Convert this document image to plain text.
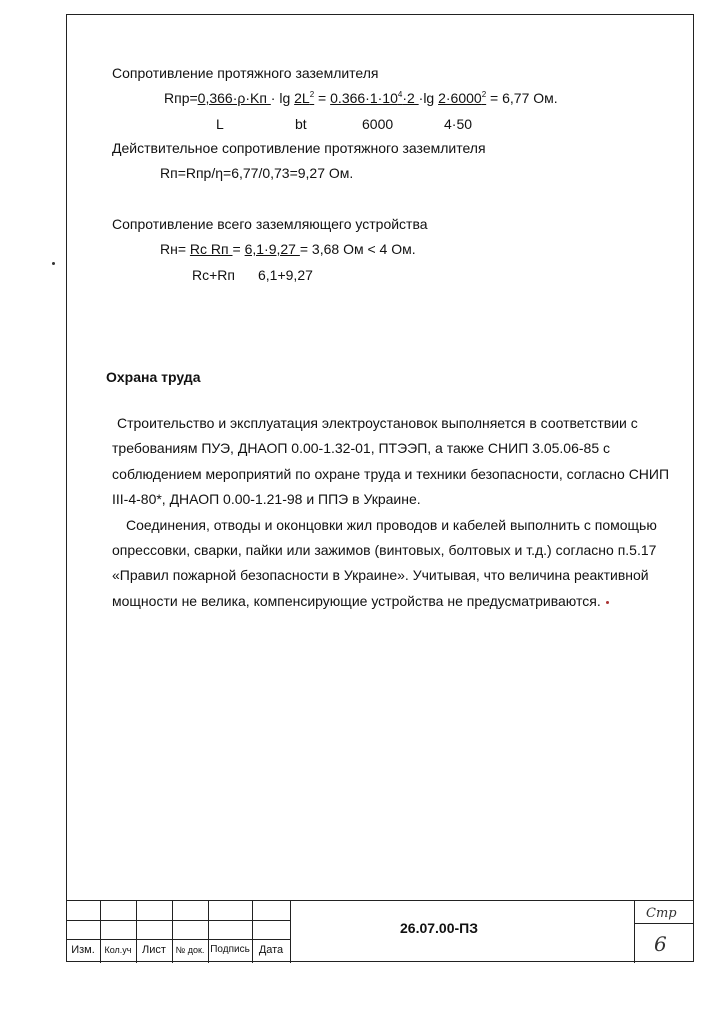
Сопротивление протяжного заземлителя
$Rпр=0,366\cdot\rho\cdot Kп \cdot \lg 2L^2 = 0.366\cdot 1\cdot 10^4\cdot 2 \cdot\lg$ $2\cdot 6000^2 = 6,77$ Ом.
L	bt	6000	4·50
Действительное сопротивление протяжного заземлителя
Rп=Rпр/η=6,77/0,73=9,27 Ом.
Сопротивление всего заземляющего устройства
Rн= Rc Rп = 6,1·9,27 = 3,68 Ом < 4 Ом.
Rc+Rп 6,1+9,27
Охрана труда
Строительство и эксплуатация электроустановок выполняется в соответствии с
требованиям ПУЭ, ДНАОП 0.00-1.32-01, ПТЭЭП, а также СНИП 3.05.06-85 с
соблюдением мероприятий по охране труда и техники безопасности, согласно СНИП
III-4-80*, ДНАОП 0.00-1.21-98 и ППЭ в Украине.
Соединения, отводы и оконцовки жил проводов и кабелей выполнить с помощью
опрессовки, сварки, пайки или зажимов (винтовых, болтовых и т.д.) согласно п.5.17
«Правил пожарной безопасности в Украине». Учитывая, что величина реактивной
мощности не велика, компенсирующие устройства не предусматриваются.
Изм.	Кол.уч Лист	№ док. Подпись Дата
26.07.00-ПЗ
Стр
6
